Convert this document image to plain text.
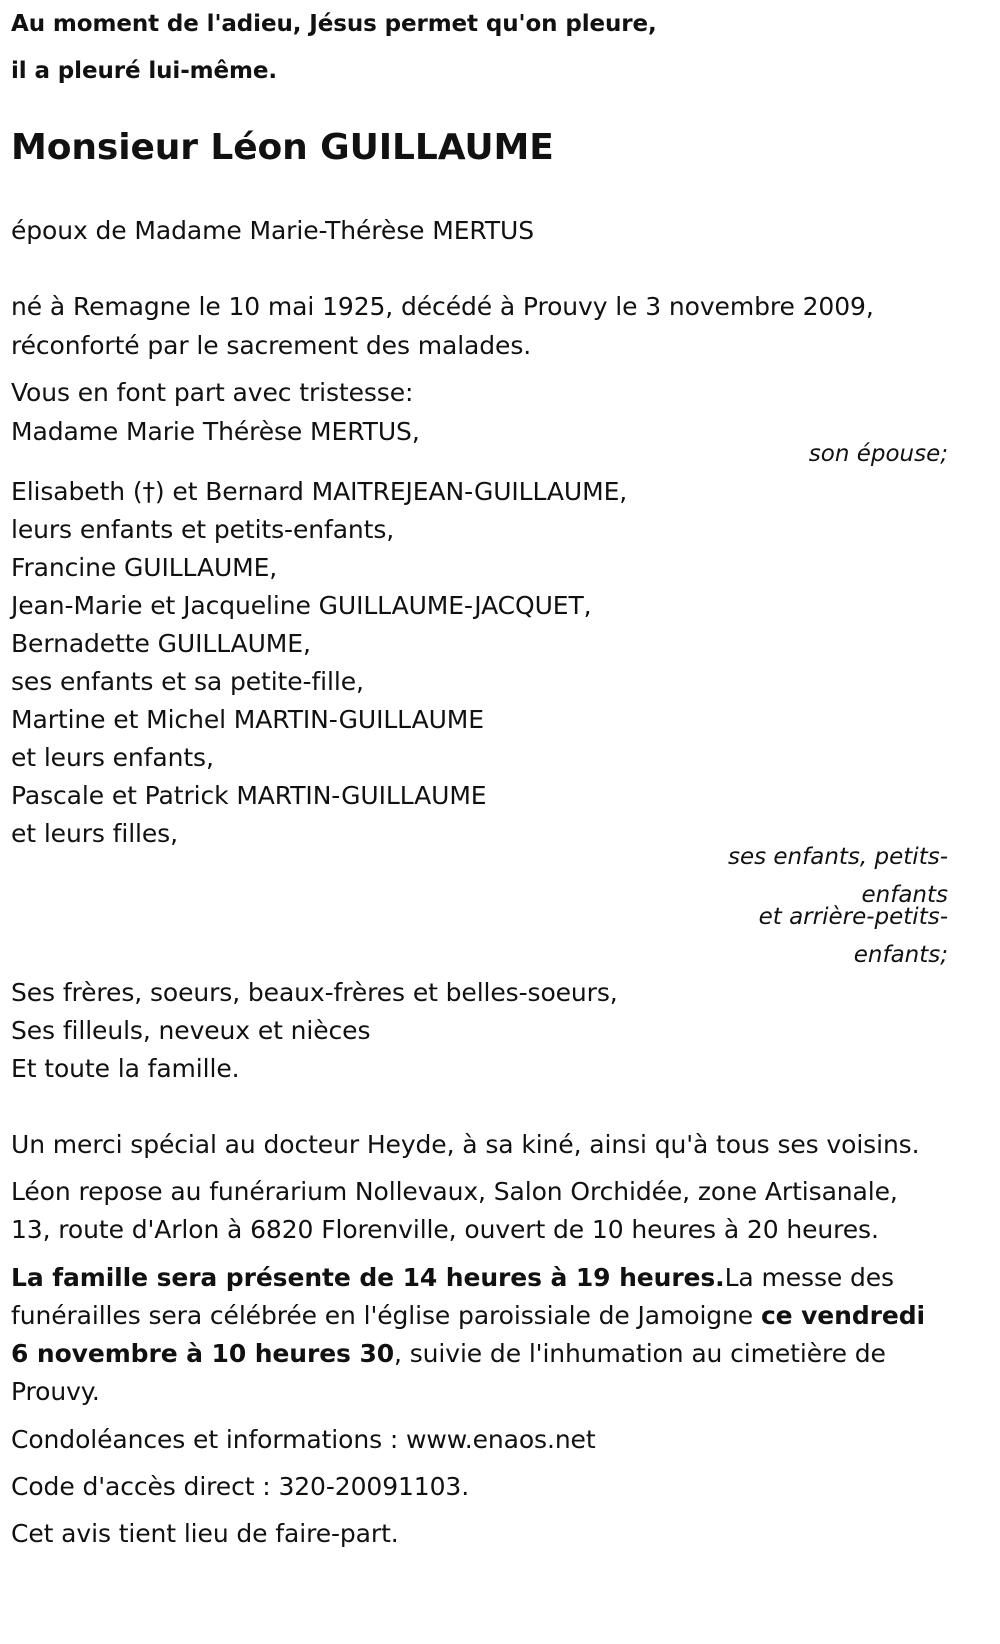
Au moment de l'adieu, Jésus permet qu'on pleure,

il a pleuré lui-même.

Monsieur Léon GUILLAUME

époux de Madame Marie-Thérèse MERTUS

né à Remagne le 10 mai 1925, décédé à Prouvy le 3 novembre 2009,

réconforté par le sacrement des malades.

Vous en font part avec tristesse:

Madame Marie Thérèse MERTUS,

son épouse;

Elisabeth (†) et Bernard MAITREJEAN-GUILLAUME,

leurs enfants et petits-enfants,

Francine GUILLAUME,

Jean-Marie et Jacqueline GUILLAUME-JACQUET,

Bernadette GUILLAUME,

ses enfants et sa petite-fille,

Martine et Michel MARTIN-GUILLAUME

et leurs enfants,

Pascale et Patrick MARTIN-GUILLAUME

et leurs filles,

ses enfants, petits-

enfants

et arrière-petits-

enfants;

Ses frères, soeurs, beaux-frères et belles-soeurs,

Ses filleuls, neveux et nièces

Et toute la famille.

Un merci spécial au docteur Heyde, à sa kiné, ainsi qu'à tous ses voisins.

Léon repose au funérarium Nollevaux, Salon Orchidée, zone Artisanale,

13, route d'Arlon à 6820 Florenville, ouvert de 10 heures à 20 heures.

La famille sera présente de 14 heures à 19 heures.La messe des

funérailles sera célébrée en l'église paroissiale de Jamoigne ce vendredi

6 novembre à 10 heures 30, suivie de l'inhumation au cimetière de

Prouvy.

Condoléances et informations : www.enaos.net

Code d'accès direct : 320-20091103.

Cet avis tient lieu de faire-part.
